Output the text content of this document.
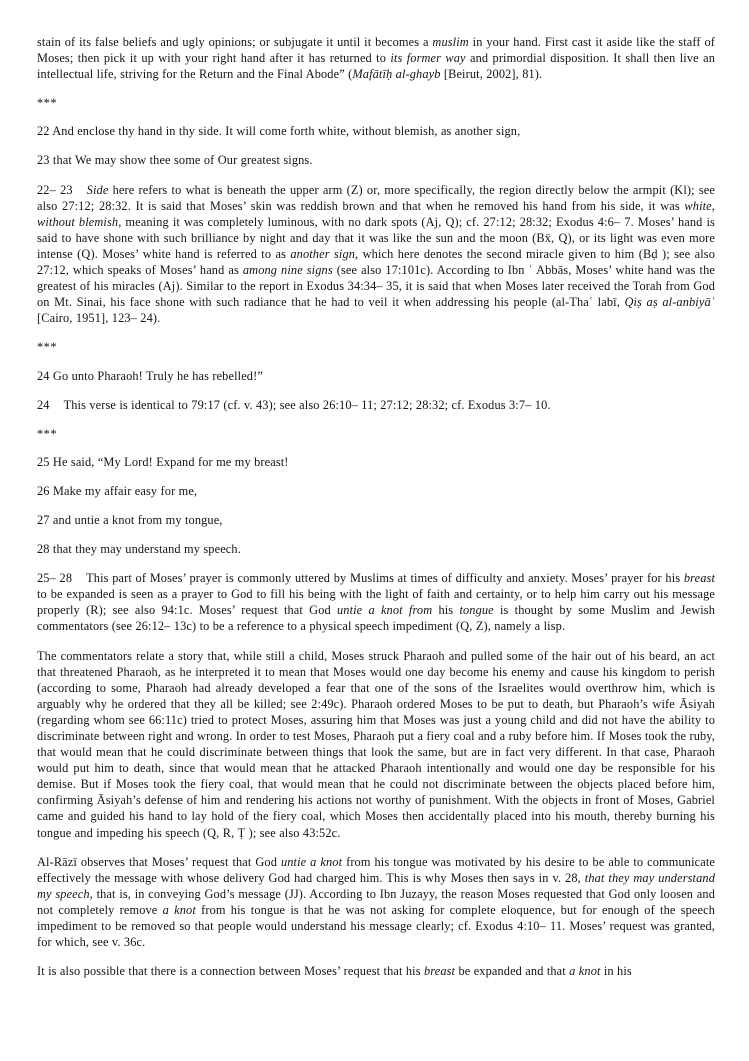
stain of its false beliefs and ugly opinions; or subjugate it until it becomes a muslim in your hand. First cast it aside like the staff of Moses; then pick it up with your right hand after it has returned to its former way and primordial disposition. It shall then live an intellectual life, striving for the Return and the Final Abode” (Mafātīḥ al-ghayb [Beirut, 2002], 81).

***

22 And enclose thy hand in thy side. It will come forth white, without blemish, as another sign,

23 that We may show thee some of Our greatest signs.

22– 23 Side here refers to what is beneath the upper arm (Z) or, more specifically, the region directly below the armpit (Kl); see also 27:12; 28:32. It is said that Moses’ skin was reddish brown and that when he removed his hand from his side, it was white, without blemish, meaning it was completely luminous, with no dark spots (Aj, Q); cf. 27:12; 28:32; Exodus 4:6– 7. Moses’ hand is said to have shone with such brilliance by night and day that it was like the sun and the moon (Bẍ, Q), or its light was even more intense (Q). Moses’ white hand is referred to as another sign, which here denotes the second miracle given to him (Bḍ ); see also 27:12, which speaks of Moses’ hand as among nine signs (see also 17:101c). According to Ibn ʿ Abbās, Moses’ white hand was the greatest of his miracles (Aj). Similar to the report in Exodus 34:34– 35, it is said that when Moses later received the Torah from God on Mt. Sinai, his face shone with such radiance that he had to veil it when addressing his people (al-Thaʿ labī, Qiṣ aṣ al-anbiyāʾ [Cairo, 1951], 123– 24).

***

24 Go unto Pharaoh! Truly he has rebelled!”

24 This verse is identical to 79:17 (cf. v. 43); see also 26:10– 11; 27:12; 28:32; cf. Exodus 3:7– 10.

***

25 He said, “My Lord! Expand for me my breast!

26 Make my affair easy for me,

27 and untie a knot from my tongue,

28 that they may understand my speech.

25– 28 This part of Moses’ prayer is commonly uttered by Muslims at times of difficulty and anxiety. Moses’ prayer for his breast to be expanded is seen as a prayer to God to fill his being with the light of faith and certainty, or to help him carry out his message properly (R); see also 94:1c. Moses’ request that God untie a knot from his tongue is thought by some Muslim and Jewish commentators (see 26:12– 13c) to be a reference to a physical speech impediment (Q, Z), namely a lisp.

The commentators relate a story that, while still a child, Moses struck Pharaoh and pulled some of the hair out of his beard, an act that threatened Pharaoh, as he interpreted it to mean that Moses would one day become his enemy and cause his kingdom to perish (according to some, Pharaoh had already developed a fear that one of the sons of the Israelites would overthrow him, which is arguably why he ordered that they all be killed; see 2:49c). Pharaoh ordered Moses to be put to death, but Pharaoh’s wife Āsiyah (regarding whom see 66:11c) tried to protect Moses, assuring him that Moses was just a young child and did not have the ability to discriminate between right and wrong. In order to test Moses, Pharaoh put a fiery coal and a ruby before him. If Moses took the ruby, that would mean that he could discriminate between things that look the same, but are in fact very different. In that case, Pharaoh would put him to death, since that would mean that he attacked Pharaoh intentionally and would one day be responsible for his demise. But if Moses took the fiery coal, that would mean that he could not discriminate between the objects placed before him, confirming Āsiyah’s defense of him and rendering his actions not worthy of punishment. With the objects in front of Moses, Gabriel came and guided his hand to lay hold of the fiery coal, which Moses then accidentally placed into his mouth, thereby burning his tongue and impeding his speech (Q, R, Ṭ ); see also 43:52c.

Al-Rāzī observes that Moses’ request that God untie a knot from his tongue was motivated by his desire to be able to communicate effectively the message with whose delivery God had charged him. This is why Moses then says in v. 28, that they may understand my speech, that is, in conveying God’s message (JJ). According to Ibn Juzayy, the reason Moses requested that God only loosen and not completely remove a knot from his tongue is that he was not asking for complete eloquence, but for enough of the speech impediment to be removed so that people would understand his message clearly; cf. Exodus 4:10– 11. Moses’ request was granted, for which, see v. 36c.

It is also possible that there is a connection between Moses’ request that his breast be expanded and that a knot in his
